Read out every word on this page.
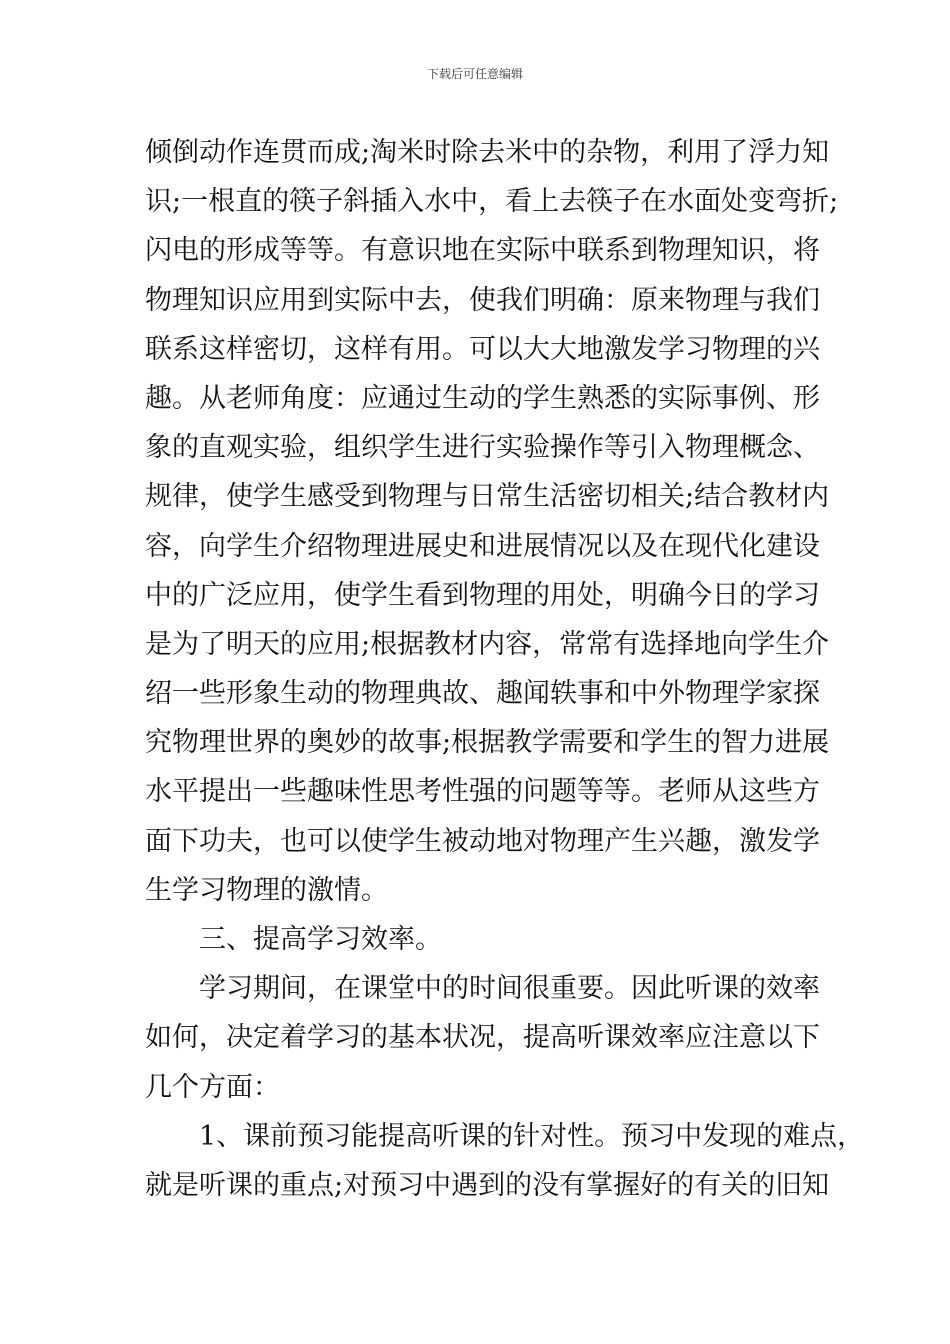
下载后可任意编辑
倾倒动作连贯而成;淘米时除去米中的杂物，利用了浮力知
识;一根直的筷子斜插入水中，看上去筷子在水面处变弯折;
闪电的形成等等。有意识地在实际中联系到物理知识，将
物理知识应用到实际中去，使我们明确：原来物理与我们
联系这样密切，这样有用。可以大大地激发学习物理的兴
趣。从老师角度：应通过生动的学生熟悉的实际事例、形
象的直观实验，组织学生进行实验操作等引入物理概念、
规律，使学生感受到物理与日常生活密切相关;结合教材内
容，向学生介绍物理进展史和进展情况以及在现代化建设
中的广泛应用，使学生看到物理的用处，明确今日的学习
是为了明天的应用;根据教材内容，常常有选择地向学生介
绍一些形象生动的物理典故、趣闻轶事和中外物理学家探
究物理世界的奥妙的故事;根据教学需要和学生的智力进展
水平提出一些趣味性思考性强的问题等等。老师从这些方
面下功夫，也可以使学生被动地对物理产生兴趣，激发学
生学习物理的激情。
三、提高学习效率。
学习期间，在课堂中的时间很重要。因此听课的效率
如何，决定着学习的基本状况，提高听课效率应注意以下
几个方面：
1、课前预习能提高听课的针对性。预习中发现的难点，
就是听课的重点;对预习中遇到的没有掌握好的有关的旧知
